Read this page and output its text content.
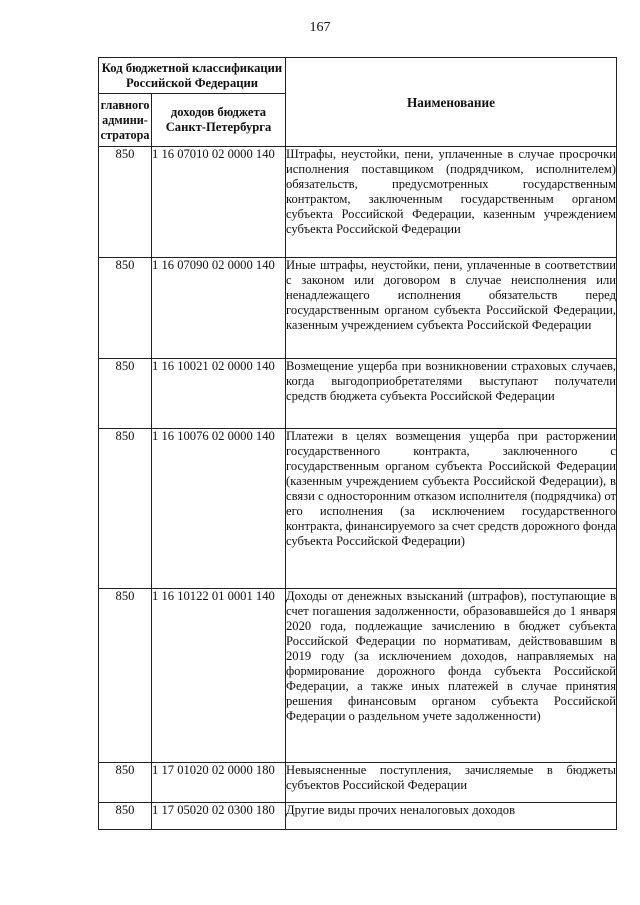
167
Код бюджетной классификации Российской Федерации		Наименование
главного админи-стратора	доходов бюджета Санкт-Петербурга	
850	1 16 07010 02 0000 140	Штрафы, неустойки, пени, уплаченные в случае просрочки исполнения поставщиком (подрядчиком, исполнителем) обязательств, предусмотренных государственным контрактом, заключенным государственным органом субъекта Российской Федерации, казенным учреждением субъекта Российской Федерации
850	1 16 07090 02 0000 140	Иные штрафы, неустойки, пени, уплаченные в соответствии с законом или договором в случае неисполнения или ненадлежащего исполнения обязательств перед государственным органом субъекта Российской Федерации, казенным учреждением субъекта Российской Федерации
850	1 16 10021 02 0000 140	Возмещение ущерба при возникновении страховых случаев, когда выгодоприобретателями выступают получатели средств бюджета субъекта Российской Федерации
850	1 16 10076 02 0000 140	Платежи в целях возмещения ущерба при расторжении государственного контракта, заключенного с государственным органом субъекта Российской Федерации (казенным учреждением субъекта Российской Федерации), в связи с односторонним отказом исполнителя (подрядчика) от его исполнения (за исключением государственного контракта, финансируемого за счет средств дорожного фонда субъекта Российской Федерации)
850	1 16 10122 01 0001 140	Доходы от денежных взысканий (штрафов), поступающие в счет погашения задолженности, образовавшейся до 1 января 2020 года, подлежащие зачислению в бюджет субъекта Российской Федерации по нормативам, действовавшим в 2019 году (за исключением доходов, направляемых на формирование дорожного фонда субъекта Российской Федерации, а также иных платежей в случае принятия решения финансовым органом субъекта Российской Федерации о раздельном учете задолженности)
850	1 17 01020 02 0000 180	Невыясненные поступления, зачисляемые в бюджеты субъектов Российской Федерации
850	1 17 05020 02 0300 180	Другие виды прочих неналоговых доходов
